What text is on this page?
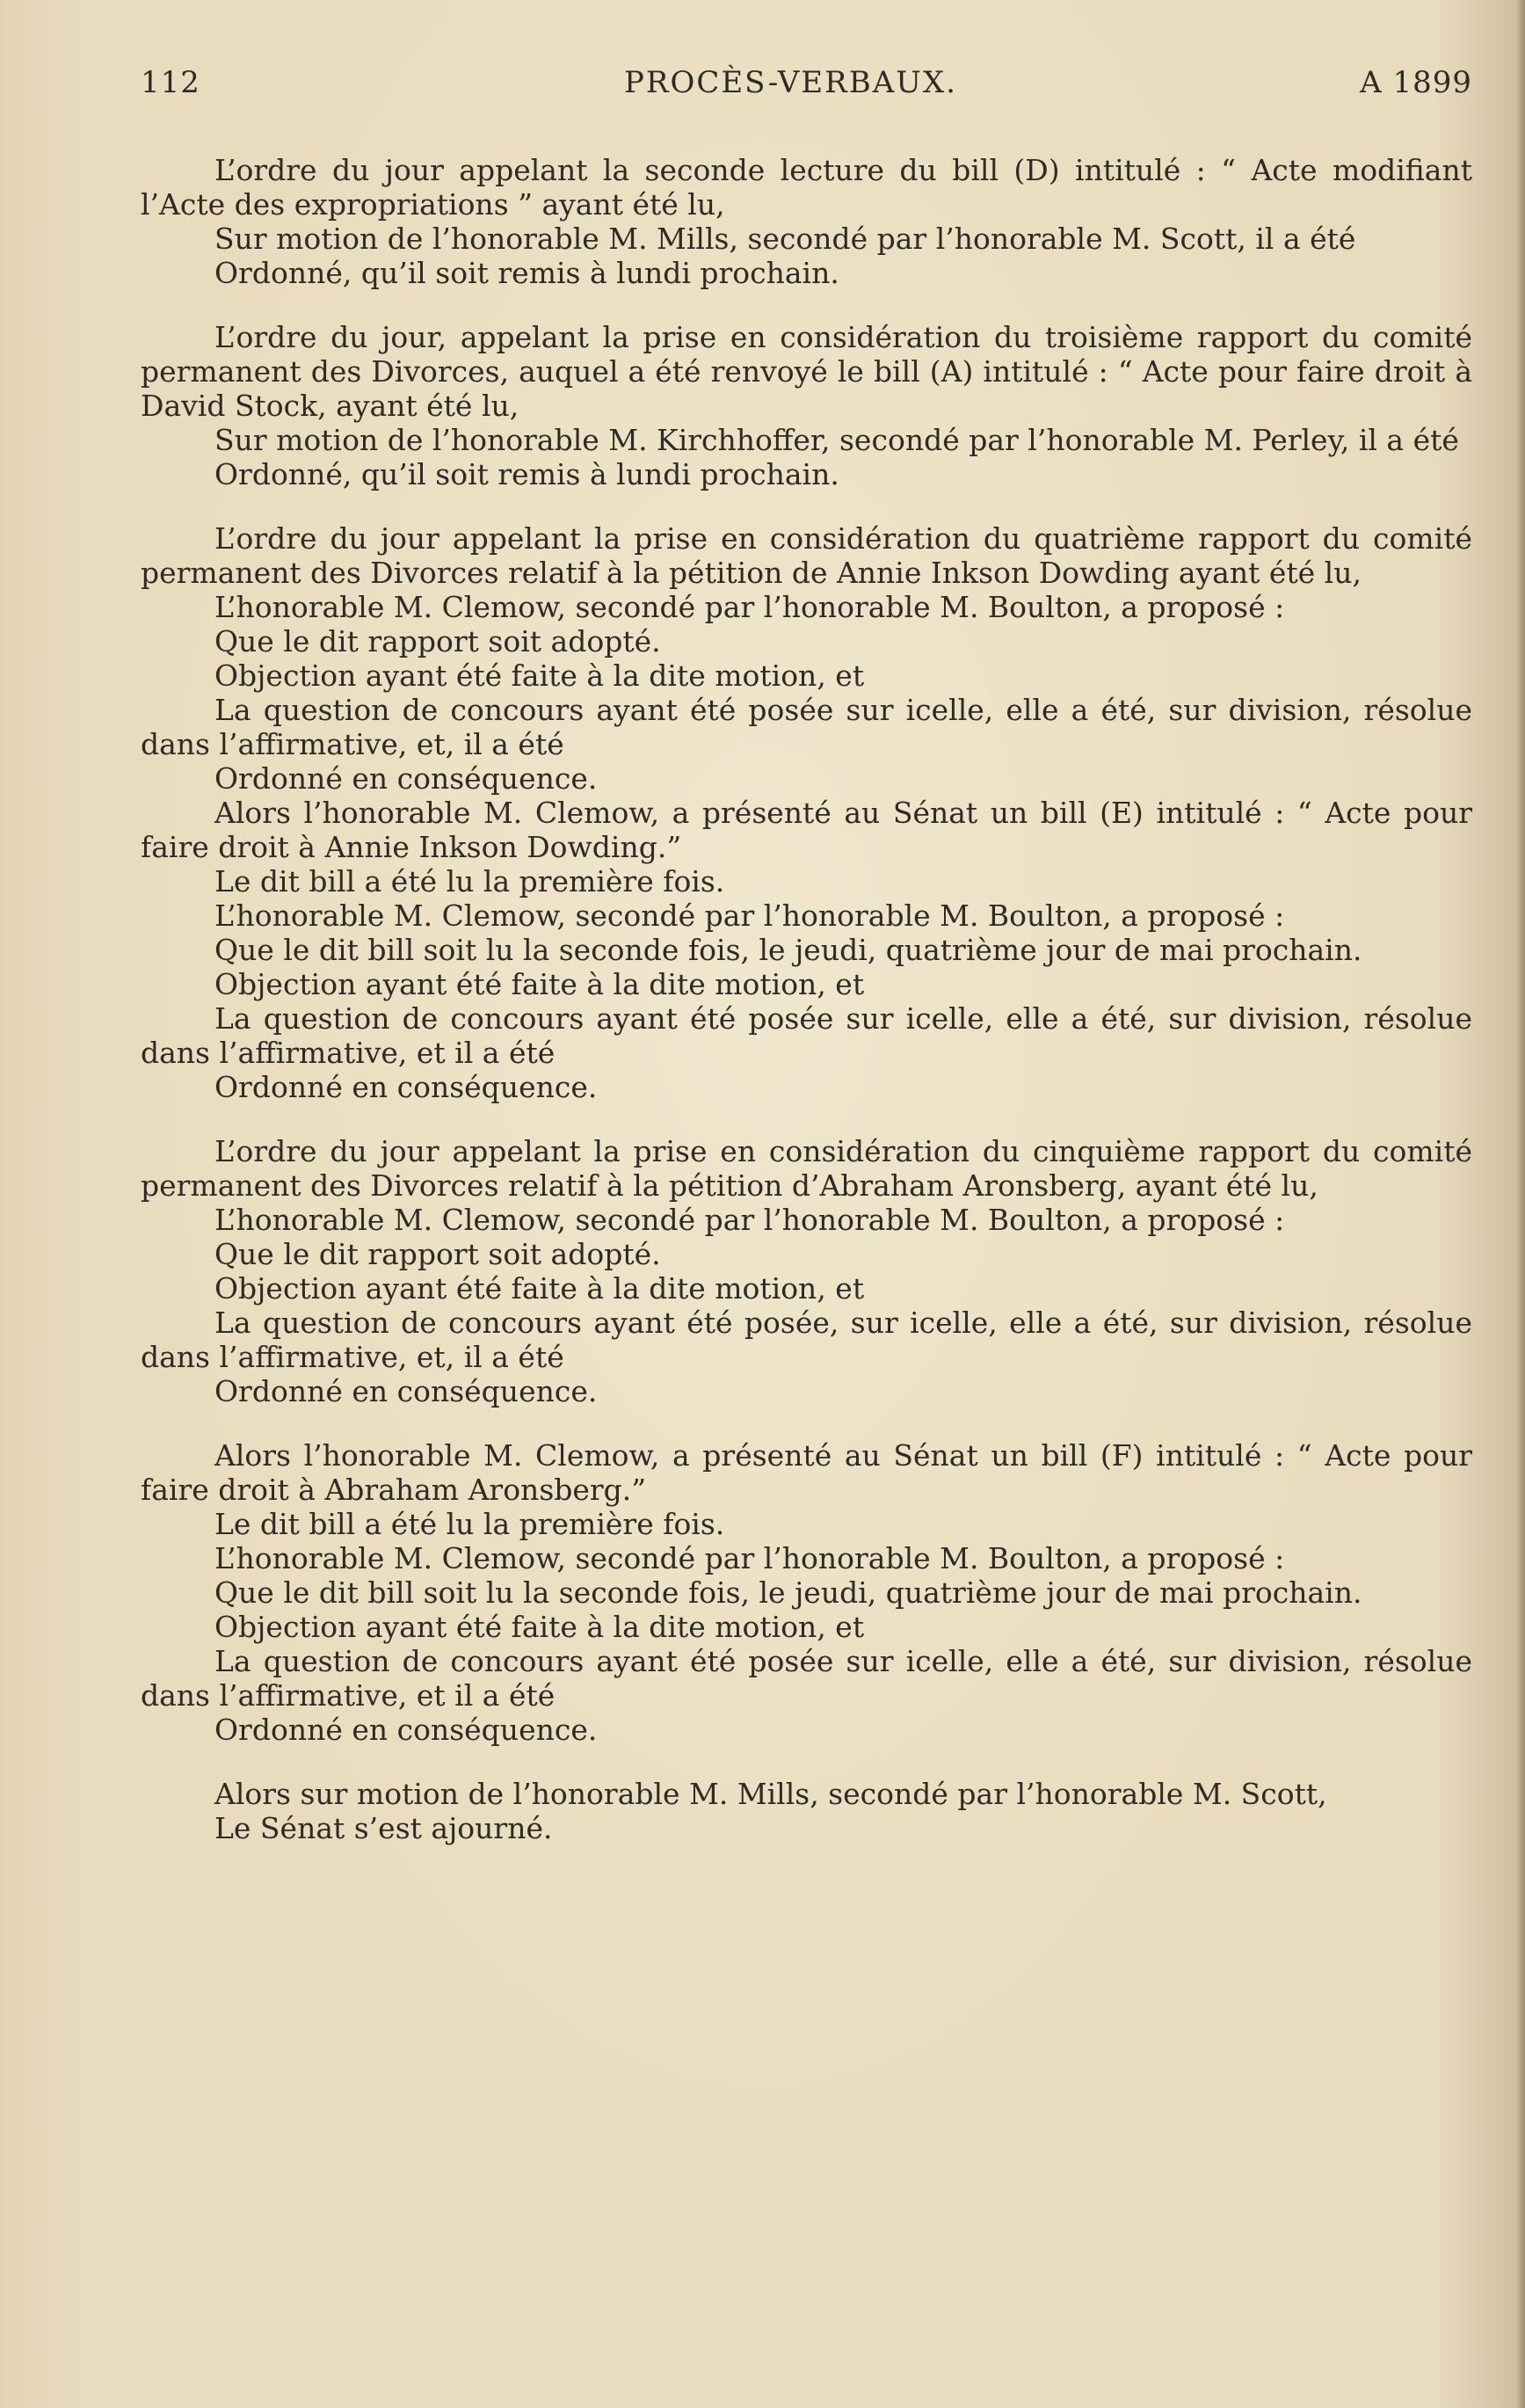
112	PROCÈS-VERBAUX.	A 1899

L’ordre du jour appelant la seconde lecture du bill (D) intitulé : “ Acte modifiant l’Acte des expropriations ” ayant été lu,

Sur motion de l’honorable M. Mills, secondé par l’honorable M. Scott, il a été

Ordonné, qu’il soit remis à lundi prochain.

L’ordre du jour, appelant la prise en considération du troisième rapport du comité permanent des Divorces, auquel a été renvoyé le bill (A) intitulé : “ Acte pour faire droit à David Stock, ayant été lu,

Sur motion de l’honorable M. Kirchhoffer, secondé par l’honorable M. Perley, il a été

Ordonné, qu’il soit remis à lundi prochain.

L’ordre du jour appelant la prise en considération du quatrième rapport du comité permanent des Divorces relatif à la pétition de Annie Inkson Dowding ayant été lu,

L’honorable M. Clemow, secondé par l’honorable M. Boulton, a proposé :

Que le dit rapport soit adopté.

Objection ayant été faite à la dite motion, et

La question de concours ayant été posée sur icelle, elle a été, sur division, résolue dans l’affirmative, et, il a été

Ordonné en conséquence.

Alors l’honorable M. Clemow, a présenté au Sénat un bill (E) intitulé : “ Acte pour faire droit à Annie Inkson Dowding.”

Le dit bill a été lu la première fois.

L’honorable M. Clemow, secondé par l’honorable M. Boulton, a proposé :

Que le dit bill soit lu la seconde fois, le jeudi, quatrième jour de mai prochain.

Objection ayant été faite à la dite motion, et

La question de concours ayant été posée sur icelle, elle a été, sur division, résolue dans l’affirmative, et il a été

Ordonné en conséquence.

L’ordre du jour appelant la prise en considération du cinquième rapport du comité permanent des Divorces relatif à la pétition d’Abraham Aronsberg, ayant été lu,

L’honorable M. Clemow, secondé par l’honorable M. Boulton, a proposé :

Que le dit rapport soit adopté.

Objection ayant été faite à la dite motion, et

La question de concours ayant été posée, sur icelle, elle a été, sur division, résolue dans l’affirmative, et, il a été

Ordonné en conséquence.

Alors l’honorable M. Clemow, a présenté au Sénat un bill (F) intitulé : “ Acte pour faire droit à Abraham Aronsberg.”

Le dit bill a été lu la première fois.

L’honorable M. Clemow, secondé par l’honorable M. Boulton, a proposé :

Que le dit bill soit lu la seconde fois, le jeudi, quatrième jour de mai prochain.

Objection ayant été faite à la dite motion, et

La question de concours ayant été posée sur icelle, elle a été, sur division, résolue dans l’affirmative, et il a été

Ordonné en conséquence.

Alors sur motion de l’honorable M. Mills, secondé par l’honorable M. Scott,

Le Sénat s’est ajourné.
